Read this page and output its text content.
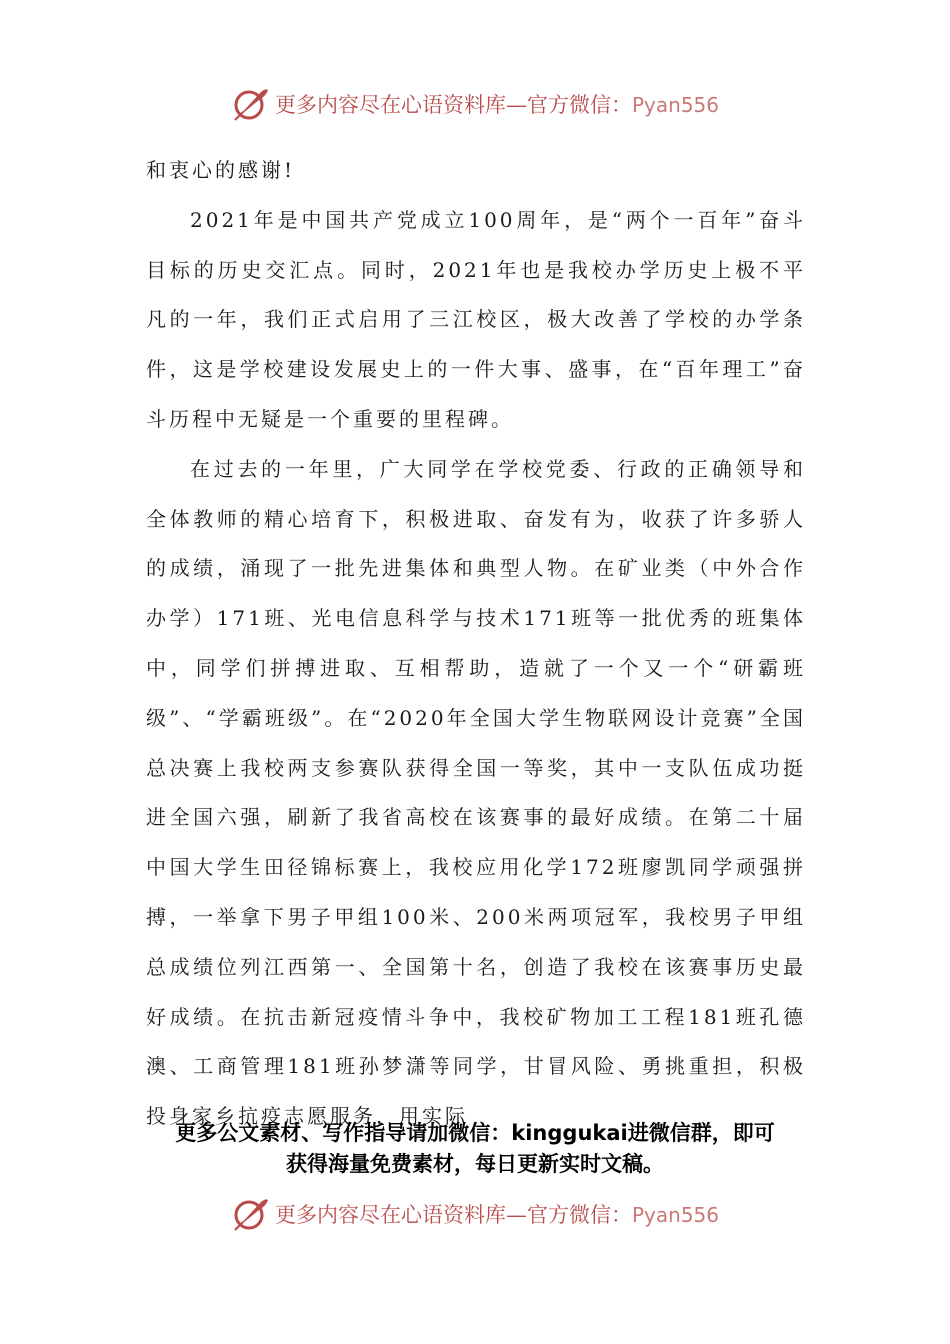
更多内容尽在心语资料库—官方微信：Pyan556

和衷心的感谢!

2021年是中国共产党成立100周年，是“两个一百年”奋斗目标的历史交汇点。同时，2021年也是我校办学历史上极不平凡的一年，我们正式启用了三江校区，极大改善了学校的办学条件，这是学校建设发展史上的一件大事、盛事，在“百年理工”奋斗历程中无疑是一个重要的里程碑。

在过去的一年里，广大同学在学校党委、行政的正确领导和全体教师的精心培育下，积极进取、奋发有为，收获了许多骄人的成绩，涌现了一批先进集体和典型人物。在矿业类（中外合作办学）171班、光电信息科学与技术171班等一批优秀的班集体中，同学们拼搏进取、互相帮助，造就了一个又一个“研霸班级”、“学霸班级”。在“2020年全国大学生物联网设计竞赛”全国总决赛上我校两支参赛队获得全国一等奖，其中一支队伍成功挺进全国六强，刷新了我省高校在该赛事的最好成绩。在第二十届中国大学生田径锦标赛上，我校应用化学172班廖凯同学顽强拼搏，一举拿下男子甲组100米、200米两项冠军，我校男子甲组总成绩位列江西第一、全国第十名，创造了我校在该赛事历史最好成绩。在抗击新冠疫情斗争中，我校矿物加工工程181班孔德澳、工商管理181班孙梦潇等同学，甘冒风险、勇挑重担，积极投身家乡抗疫志愿服务，用实际

更多公文素材、写作指导请加微信：kinggukai进微信群，即可
获得海量免费素材，每日更新实时文稿。
更多内容尽在心语资料库—官方微信：Pyan556
